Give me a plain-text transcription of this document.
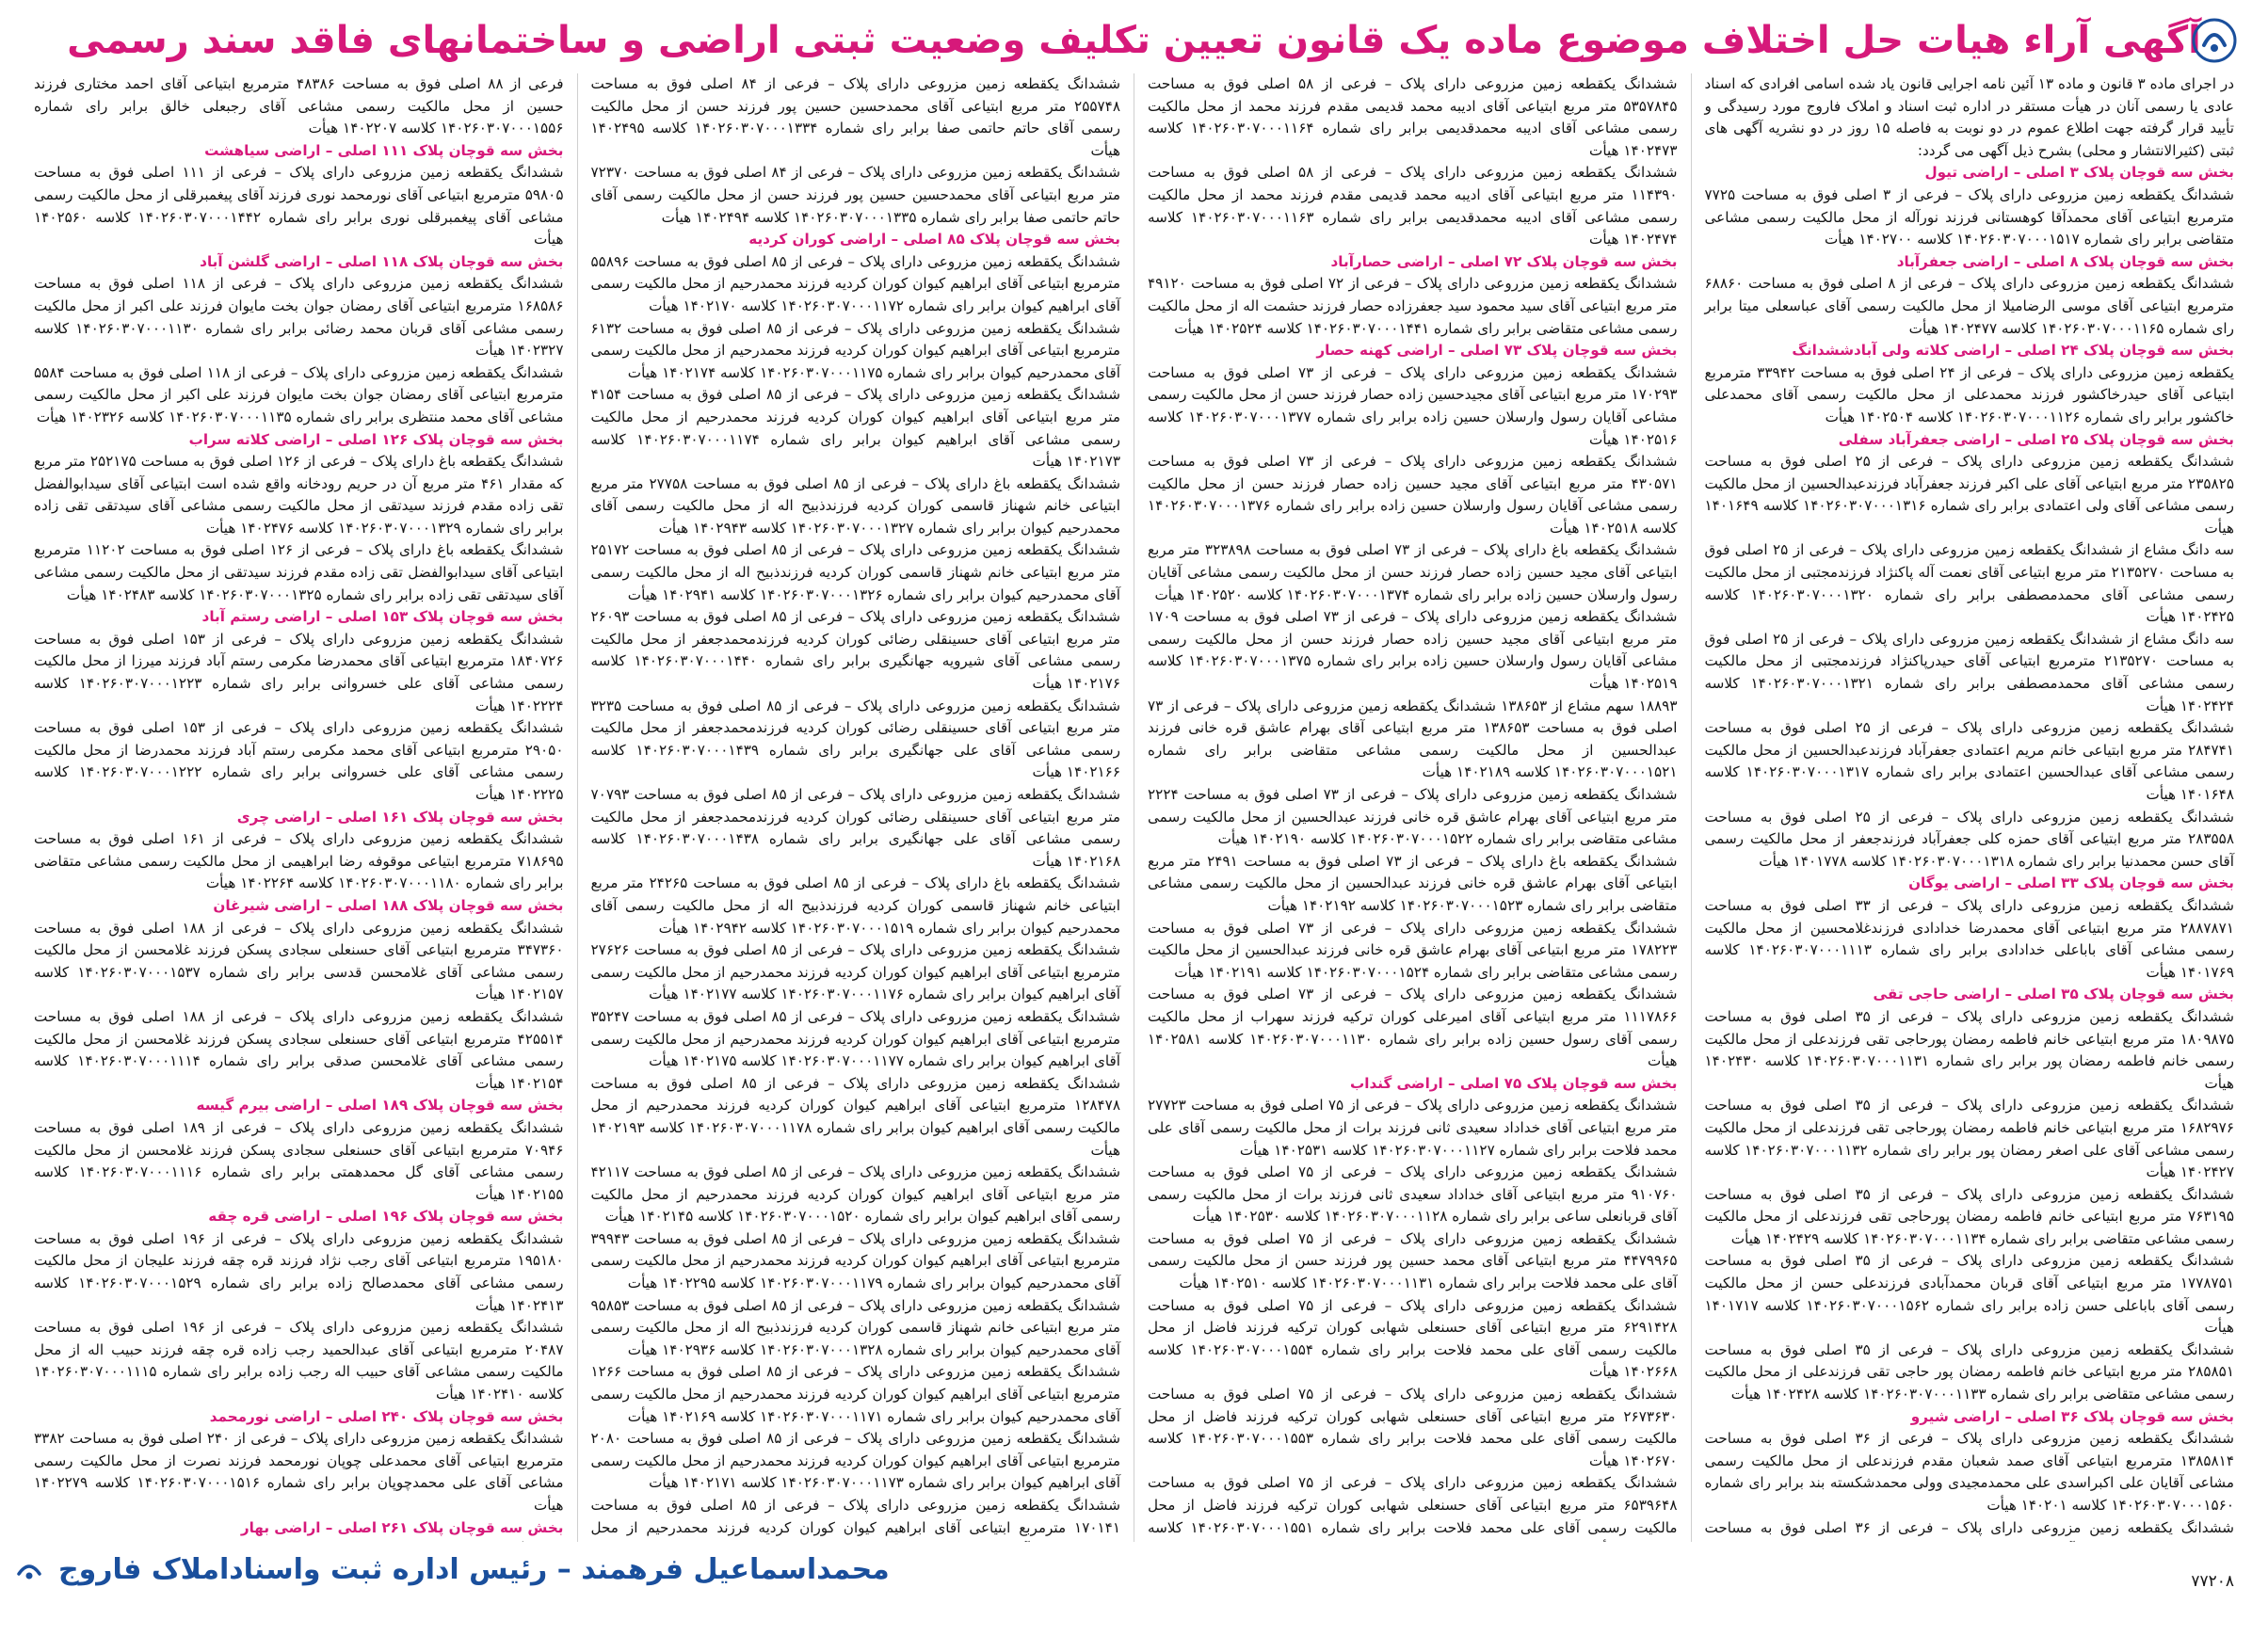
آگهی آراء هیات حل اختلاف موضوع ماده یک قانون تعیین تکلیف وضعیت ثبتی اراضی و ساختمانهای فاقد سند رسمی

در اجرای ماده ۳ قانون و ماده ۱۳ آئین نامه اجرایی قانون یاد شده اسامی افرادی که اسناد عادی یا رسمی آنان در هیأت مستقر در اداره ثبت اسناد و املاک فاروج مورد رسیدگی و تأیید قرار گرفته جهت اطلاع عموم در دو نوبت به فاصله ۱۵ روز در دو نشریه آگهی های ثبتی (کثیرالانتشار و محلی) بشرح ذیل آگهی می گردد:

بخش سه قوچان پلاک ۳ اصلی – اراضی تیول

ششدانگ یکقطعه زمین مزروعی دارای پلاک – فرعی از ۳ اصلی فوق به مساحت ۷۷۲۵ مترمربع ابتیاعی آقای محمدآقا کوهستانی فرزند نورآله از محل مالکیت رسمی مشاعی متقاضی برابر رای شماره ۱۴۰۲۶۰۳۰۷۰۰۰۱۵۱۷ کلاسه ۱۴۰۲۷۰۰ هیأت

بخش سه قوچان پلاک ۸ اصلی – اراضی جعفرآباد

ششدانگ یکقطعه زمین مزروعی دارای پلاک – فرعی از ۸ اصلی فوق به مساحت ۶۸۸۶۰ مترمربع ابتیاعی آقای موسی الرضامیلا از محل مالکیت رسمی آقای عباسعلی میتا برابر رای شماره ۱۴۰۲۶۰۳۰۷۰۰۰۱۱۶۵ کلاسه ۱۴۰۲۴۷۷ هیأت

بخش سه قوچان پلاک ۲۴ اصلی – اراضی کلاته ولی آبادششدانگ

یکقطعه زمین مزروعی دارای پلاک – فرعی از ۲۴ اصلی فوق به مساحت ۳۳۹۴۲ مترمربع ابتیاعی آقای حیدرخاکشور فرزند محمدعلی از محل مالکیت رسمی آقای محمدعلی خاکشور برابر رای شماره ۱۴۰۲۶۰۳۰۷۰۰۰۱۱۲۶ کلاسه ۱۴۰۲۵۰۴ هیأت

بخش سه قوچان پلاک ۲۵ اصلی – اراضی جعفرآباد سفلی

ششدانگ یکقطعه زمین مزروعی دارای پلاک – فرعی از ۲۵ اصلی فوق به مساحت ۲۳۵۸۲۵ متر مربع ابتیاعی آقای علی اکبر فرزند جعفرآباد فرزندعبدالحسین از محل مالکیت رسمی مشاعی آقای ولی اعتمادی برابر رای شماره ۱۴۰۲۶۰۳۰۷۰۰۰۱۳۱۶ کلاسه ۱۴۰۱۶۴۹ هیأت

سه دانگ مشاع از ششدانگ یکقطعه زمین مزروعی دارای پلاک – فرعی از ۲۵ اصلی فوق به مساحت ۲۱۳۵۲۷۰ متر مربع ابتیاعی آقای نعمت آله پاکنژاد فرزندمجتبی از محل مالکیت رسمی مشاعی آقای محمدمصطفی برابر رای شماره ۱۴۰۲۶۰۳۰۷۰۰۰۱۳۲۰ کلاسه ۱۴۰۲۴۲۵ هیأت

سه دانگ مشاع از ششدانگ یکقطعه زمین مزروعی دارای پلاک – فرعی از ۲۵ اصلی فوق به مساحت ۲۱۳۵۲۷۰ مترمربع ابتیاعی آقای حیدرپاکنژاد فرزندمجتبی از محل مالکیت رسمی مشاعی آقای محمدمصطفی برابر رای شماره ۱۴۰۲۶۰۳۰۷۰۰۰۱۳۲۱ کلاسه ۱۴۰۲۴۲۴ هیأت

ششدانگ یکقطعه زمین مزروعی دارای پلاک – فرعی از ۲۵ اصلی فوق به مساحت ۲۸۴۷۴۱ متر مربع ابتیاعی خانم مریم اعتمادی جعفرآباد فرزندعبدالحسین از محل مالکیت رسمی مشاعی آقای عبدالحسین اعتمادی برابر رای شماره ۱۴۰۲۶۰۳۰۷۰۰۰۱۳۱۷ کلاسه ۱۴۰۱۶۴۸ هیأت

ششدانگ یکقطعه زمین مزروعی دارای پلاک – فرعی از ۲۵ اصلی فوق به مساحت ۲۸۳۵۵۸ متر مربع ابتیاعی آقای حمزه کلی جعفرآباد فرزندجعفر از محل مالکیت رسمی آقای حسن محمدنیا برابر رای شماره ۱۴۰۲۶۰۳۰۷۰۰۰۱۳۱۸ کلاسه ۱۴۰۱۷۷۸ هیأت

بخش سه قوچان پلاک ۳۳ اصلی – اراضی یوگان

ششدانگ یکقطعه زمین مزروعی دارای پلاک – فرعی از ۳۳ اصلی فوق به مساحت ۲۸۸۷۸۷۱ متر مربع ابتیاعی آقای محمدرضا خدادادی فرزندغلامحسین از محل مالکیت رسمی مشاعی آقای باباعلی خدادادی برابر رای شماره ۱۴۰۲۶۰۳۰۷۰۰۰۱۱۱۳ کلاسه ۱۴۰۱۷۶۹ هیأت

بخش سه قوچان پلاک ۳۵ اصلی – اراضی حاجی تقی

ششدانگ یکقطعه زمین مزروعی دارای پلاک – فرعی از ۳۵ اصلی فوق به مساحت ۱۸۰۹۸۷۵ متر مربع ابتیاعی خانم فاطمه رمضان پورحاجی تقی فرزندعلی از محل مالکیت رسمی خانم فاطمه رمضان پور برابر رای شماره ۱۴۰۲۶۰۳۰۷۰۰۰۱۱۳۱ کلاسه ۱۴۰۲۴۳۰ هیأت

ششدانگ یکقطعه زمین مزروعی دارای پلاک – فرعی از ۳۵ اصلی فوق به مساحت ۱۶۸۲۹۷۶ متر مربع ابتیاعی خانم فاطمه رمضان پورحاجی تقی فرزندعلی از محل مالکیت رسمی مشاعی آقای علی اصغر رمضان پور برابر رای شماره ۱۴۰۲۶۰۳۰۷۰۰۰۱۱۳۲ کلاسه ۱۴۰۲۴۲۷ هیأت

ششدانگ یکقطعه زمین مزروعی دارای پلاک – فرعی از ۳۵ اصلی فوق به مساحت ۷۶۳۱۹۵ متر مربع ابتیاعی خانم فاطمه رمضان پورحاجی تقی فرزندعلی از محل مالکیت رسمی مشاعی متقاضی برابر رای شماره ۱۴۰۲۶۰۳۰۷۰۰۰۱۱۳۴ کلاسه ۱۴۰۲۴۲۹ هیأت

ششدانگ یکقطعه زمین مزروعی دارای پلاک – فرعی از ۳۵ اصلی فوق به مساحت ۱۷۷۸۷۵۱ متر مربع ابتیاعی آقای قربان محمدآبادی فرزندعلی حسن از محل مالکیت رسمی آقای باباعلی حسن زاده برابر رای شماره ۱۴۰۲۶۰۳۰۷۰۰۰۱۵۶۲ کلاسه ۱۴۰۱۷۱۷ هیأت

ششدانگ یکقطعه زمین مزروعی دارای پلاک – فرعی از ۳۵ اصلی فوق به مساحت ۲۸۵۸۵۱ متر مربع ابتیاعی خانم فاطمه رمضان پور حاجی تقی فرزندعلی از محل مالکیت رسمی مشاعی متقاضی برابر رای شماره ۱۴۰۲۶۰۳۰۷۰۰۰۱۱۳۳ کلاسه ۱۴۰۲۴۲۸ هیأت

بخش سه قوچان پلاک ۳۶ اصلی – اراضی شیرو

ششدانگ یکقطعه زمین مزروعی دارای پلاک – فرعی از ۳۶ اصلی فوق به مساحت ۱۳۸۵۸۱۴ مترمربع ابتیاعی آقای صمد شعبان مقدم فرزندعلی از محل مالکیت رسمی مشاعی آقایان علی اکبراسدی علی محمدمجیدی وولی محمدشکسته بند برابر رای شماره ۱۴۰۲۶۰۳۰۷۰۰۰۱۵۶۰ کلاسه ۱۴۰۲۰۱ هیأت

ششدانگ یکقطعه زمین مزروعی دارای پلاک – فرعی از ۳۶ اصلی فوق به مساحت

ششدانگ یکقطعه زمین مزروعی دارای پلاک – فرعی از ۵۸ اصلی فوق به مساحت ۵۳۵۷۸۴۵ متر مربع ابتیاعی آقای ادیبه محمد قدیمی مقدم فرزند محمد از محل مالکیت رسمی مشاعی آقای ادیبه محمدقدیمی برابر رای شماره ۱۴۰۲۶۰۳۰۷۰۰۰۱۱۶۴ کلاسه ۱۴۰۲۴۷۳ هیأت

ششدانگ یکقطعه زمین مزروعی دارای پلاک – فرعی از ۵۸ اصلی فوق به مساحت ۱۱۴۳۹۰ متر مربع ابتیاعی آقای ادیبه محمد قدیمی مقدم فرزند محمد از محل مالکیت رسمی مشاعی آقای ادیبه محمدقدیمی برابر رای شماره ۱۴۰۲۶۰۳۰۷۰۰۰۱۱۶۳ کلاسه ۱۴۰۲۴۷۴ هیأت

بخش سه قوچان پلاک ۷۲ اصلی – اراضی حصارآباد

ششدانگ یکقطعه زمین مزروعی دارای پلاک – فرعی از ۷۲ اصلی فوق به مساحت ۴۹۱۲۰ متر مربع ابتیاعی آقای سید محمود سید جعفرزاده حصار فرزند حشمت اله از محل مالکیت رسمی مشاعی متقاضی برابر رای شماره ۱۴۰۲۶۰۳۰۷۰۰۰۱۴۴۱ کلاسه ۱۴۰۲۵۲۴ هیأت

بخش سه قوچان پلاک ۷۳ اصلی – اراضی کهنه حصار

ششدانگ یکقطعه زمین مزروعی دارای پلاک – فرعی از ۷۳ اصلی فوق به مساحت ۱۷۰۲۹۳ متر مربع ابتیاعی آقای مجیدحسین زاده حصار فرزند حسن از محل مالکیت رسمی مشاعی آقایان رسول وارسلان حسین زاده برابر رای شماره ۱۴۰۲۶۰۳۰۷۰۰۰۱۳۷۷ کلاسه ۱۴۰۲۵۱۶ هیأت

ششدانگ یکقطعه زمین مزروعی دارای پلاک – فرعی از ۷۳ اصلی فوق به مساحت ۴۳۰۵۷۱ متر مربع ابتیاعی آقای مجید حسین زاده حصار فرزند حسن از محل مالکیت رسمی مشاعی آقایان رسول وارسلان حسین زاده برابر رای شماره ۱۴۰۲۶۰۳۰۷۰۰۰۱۳۷۶ کلاسه ۱۴۰۲۵۱۸ هیأت

ششدانگ یکقطعه باغ دارای پلاک – فرعی از ۷۳ اصلی فوق به مساحت ۳۲۳۸۹۸ متر مربع ابتیاعی آقای مجید حسین زاده حصار فرزند حسن از محل مالکیت رسمی مشاعی آقایان رسول وارسلان حسین زاده برابر رای شماره ۱۴۰۲۶۰۳۰۷۰۰۰۱۳۷۴ کلاسه ۱۴۰۲۵۲۰ هیأت

ششدانگ یکقطعه زمین مزروعی دارای پلاک – فرعی از ۷۳ اصلی فوق به مساحت ۱۷۰۹ متر مربع ابتیاعی آقای مجید حسین زاده حصار فرزند حسن از محل مالکیت رسمی مشاعی آقایان رسول وارسلان حسین زاده برابر رای شماره ۱۴۰۲۶۰۳۰۷۰۰۰۱۳۷۵ کلاسه ۱۴۰۲۵۱۹ هیأت

۱۸۸۹۳ سهم مشاع از ۱۳۸۶۵۳ ششدانگ یکقطعه زمین مزروعی دارای پلاک – فرعی از ۷۳ اصلی فوق به مساحت ۱۳۸۶۵۳ متر مربع ابتیاعی آقای بهرام عاشق قره خانی فرزند عبدالحسین از محل مالکیت رسمی مشاعی متقاضی برابر رای شماره ۱۴۰۲۶۰۳۰۷۰۰۰۱۵۲۱ کلاسه ۱۴۰۲۱۸۹ هیأت

ششدانگ یکقطعه زمین مزروعی دارای پلاک – فرعی از ۷۳ اصلی فوق به مساحت ۲۲۲۴ متر مربع ابتیاعی آقای بهرام عاشق قره خانی فرزند عبدالحسین از محل مالکیت رسمی مشاعی متقاضی برابر رای شماره ۱۴۰۲۶۰۳۰۷۰۰۰۱۵۲۲ کلاسه ۱۴۰۲۱۹۰ هیأت

ششدانگ یکقطعه باغ دارای پلاک – فرعی از ۷۳ اصلی فوق به مساحت ۲۴۹۱ متر مربع ابتیاعی آقای بهرام عاشق قره خانی فرزند عبدالحسین از محل مالکیت رسمی مشاعی متقاضی برابر رای شماره ۱۴۰۲۶۰۳۰۷۰۰۰۱۵۲۳ کلاسه ۱۴۰۲۱۹۲ هیأت

ششدانگ یکقطعه زمین مزروعی دارای پلاک – فرعی از ۷۳ اصلی فوق به مساحت ۱۷۸۲۲۳ متر مربع ابتیاعی آقای بهرام عاشق قره خانی فرزند عبدالحسین از محل مالکیت رسمی مشاعی متقاضی برابر رای شماره ۱۴۰۲۶۰۳۰۷۰۰۰۱۵۲۴ کلاسه ۱۴۰۲۱۹۱ هیأت

ششدانگ یکقطعه زمین مزروعی دارای پلاک – فرعی از ۷۳ اصلی فوق به مساحت ۱۱۱۷۸۶۶ متر مربع ابتیاعی آقای امیرعلی کوران ترکیه فرزند سهراب از محل مالکیت رسمی آقای رسول حسین زاده برابر رای شماره ۱۴۰۲۶۰۳۰۷۰۰۰۱۱۳۰ کلاسه ۱۴۰۲۵۸۱ هیأت

بخش سه قوچان پلاک ۷۵ اصلی – اراضی گنداب

ششدانگ یکقطعه زمین مزروعی دارای پلاک – فرعی از ۷۵ اصلی فوق به مساحت ۲۷۷۲۳ متر مربع ابتیاعی آقای خداداد سعیدی ثانی فرزند برات از محل مالکیت رسمی آقای علی محمد فلاحت برابر رای شماره ۱۴۰۲۶۰۳۰۷۰۰۰۱۱۲۷ کلاسه ۱۴۰۲۵۳۱ هیأت

ششدانگ یکقطعه زمین مزروعی دارای پلاک – فرعی از ۷۵ اصلی فوق به مساحت ۹۱۰۷۶۰ متر مربع ابتیاعی آقای خداداد سعیدی ثانی فرزند برات از محل مالکیت رسمی آقای قربانعلی ساعی برابر رای شماره ۱۴۰۲۶۰۳۰۷۰۰۰۱۱۲۸ کلاسه ۱۴۰۲۵۳۰ هیأت

ششدانگ یکقطعه زمین مزروعی دارای پلاک – فرعی از ۷۵ اصلی فوق به مساحت ۴۴۷۹۹۶۵ متر مربع ابتیاعی آقای محمد حسین پور فرزند حسن از محل مالکیت رسمی آقای علی محمد فلاحت برابر رای شماره ۱۴۰۲۶۰۳۰۷۰۰۰۱۱۳۱ کلاسه ۱۴۰۲۵۱۰ هیأت

ششدانگ یکقطعه زمین مزروعی دارای پلاک – فرعی از ۷۵ اصلی فوق به مساحت ۶۲۹۱۴۲۸ متر مربع ابتیاعی آقای حسنعلی شهابی کوران ترکیه فرزند فاضل از محل مالکیت رسمی آقای علی محمد فلاحت برابر رای شماره ۱۴۰۲۶۰۳۰۷۰۰۰۱۵۵۴ کلاسه ۱۴۰۲۶۶۸ هیأت

ششدانگ یکقطعه زمین مزروعی دارای پلاک – فرعی از ۷۵ اصلی فوق به مساحت ۲۶۷۳۶۳۰ متر مربع ابتیاعی آقای حسنعلی شهابی کوران ترکیه فرزند فاضل از محل مالکیت رسمی آقای علی محمد فلاحت برابر رای شماره ۱۴۰۲۶۰۳۰۷۰۰۰۱۵۵۳ کلاسه ۱۴۰۲۶۷۰ هیأت

ششدانگ یکقطعه زمین مزروعی دارای پلاک – فرعی از ۷۵ اصلی فوق به مساحت ۶۵۳۹۶۴۸ متر مربع ابتیاعی آقای حسنعلی شهابی کوران ترکیه فرزند فاضل از محل مالکیت رسمی آقای علی محمد فلاحت برابر رای شماره ۱۴۰۲۶۰۳۰۷۰۰۰۱۵۵۱ کلاسه

ششدانگ یکقطعه زمین مزروعی دارای پلاک – فرعی از ۸۴ اصلی فوق به مساحت ۲۵۵۷۴۸ متر مربع ابتیاعی آقای محمدحسین حسین پور فرزند حسن از محل مالکیت رسمی آقای حاتم حاتمی صفا برابر رای شماره ۱۴۰۲۶۰۳۰۷۰۰۰۱۳۳۴ کلاسه ۱۴۰۲۴۹۵ هیأت

ششدانگ یکقطعه زمین مزروعی دارای پلاک – فرعی از ۸۴ اصلی فوق به مساحت ۷۲۳۷۰ متر مربع ابتیاعی آقای محمدحسین حسین پور فرزند حسن از محل مالکیت رسمی آقای حاتم حاتمی صفا برابر رای شماره ۱۴۰۲۶۰۳۰۷۰۰۰۱۳۳۵ کلاسه ۱۴۰۲۴۹۴ هیأت

بخش سه قوچان پلاک ۸۵ اصلی – اراضی کوران کردیه

ششدانگ یکقطعه زمین مزروعی دارای پلاک – فرعی از ۸۵ اصلی فوق به مساحت ۵۵۸۹۶ مترمربع ابتیاعی آقای ابراهیم کیوان کوران کردیه فرزند محمدرحیم از محل مالکیت رسمی آقای ابراهیم کیوان برابر رای شماره ۱۴۰۲۶۰۳۰۷۰۰۰۱۱۷۲ کلاسه ۱۴۰۲۱۷۰ هیأت

ششدانگ یکقطعه زمین مزروعی دارای پلاک – فرعی از ۸۵ اصلی فوق به مساحت ۶۱۳۲ مترمربع ابتیاعی آقای ابراهیم کیوان کوران کردیه فرزند محمدرحیم از محل مالکیت رسمی آقای محمدرحیم کیوان برابر رای شماره ۱۴۰۲۶۰۳۰۷۰۰۰۱۱۷۵ کلاسه ۱۴۰۲۱۷۴ هیأت

ششدانگ یکقطعه زمین مزروعی دارای پلاک – فرعی از ۸۵ اصلی فوق به مساحت ۴۱۵۴ متر مربع ابتیاعی آقای ابراهیم کیوان کوران کردیه فرزند محمدرحیم از محل مالکیت رسمی مشاعی آقای ابراهیم کیوان برابر رای شماره ۱۴۰۲۶۰۳۰۷۰۰۰۱۱۷۴ کلاسه ۱۴۰۲۱۷۳ هیأت

ششدانگ یکقطعه باغ دارای پلاک – فرعی از ۸۵ اصلی فوق به مساحت ۲۷۷۵۸ متر مربع ابتیاعی خانم شهناز قاسمی کوران کردیه فرزندذبیح اله از محل مالکیت رسمی آقای محمدرحیم کیوان برابر رای شماره ۱۴۰۲۶۰۳۰۷۰۰۰۱۳۲۷ کلاسه ۱۴۰۲۹۴۳ هیأت

ششدانگ یکقطعه زمین مزروعی دارای پلاک – فرعی از ۸۵ اصلی فوق به مساحت ۲۵۱۷۲ متر مربع ابتیاعی خانم شهناز قاسمی کوران کردیه فرزندذبیح اله از محل مالکیت رسمی آقای محمدرحیم کیوان برابر رای شماره ۱۴۰۲۶۰۳۰۷۰۰۰۱۳۲۶ کلاسه ۱۴۰۲۹۴۱ هیأت

ششدانگ یکقطعه زمین مزروعی دارای پلاک – فرعی از ۸۵ اصلی فوق به مساحت ۲۶۰۹۳ متر مربع ابتیاعی آقای حسینقلی رضائی کوران کردیه فرزندمحمدجعفر از محل مالکیت رسمی مشاعی آقای شیرویه جهانگیری برابر رای شماره ۱۴۰۲۶۰۳۰۷۰۰۰۱۴۴۰ کلاسه ۱۴۰۲۱۷۶ هیأت

ششدانگ یکقطعه زمین مزروعی دارای پلاک – فرعی از ۸۵ اصلی فوق به مساحت ۳۲۳۵ متر مربع ابتیاعی آقای حسینقلی رضائی کوران کردیه فرزندمحمدجعفر از محل مالکیت رسمی مشاعی آقای علی جهانگیری برابر رای شماره ۱۴۰۲۶۰۳۰۷۰۰۰۱۴۳۹ کلاسه ۱۴۰۲۱۶۶ هیأت

ششدانگ یکقطعه زمین مزروعی دارای پلاک – فرعی از ۸۵ اصلی فوق به مساحت ۷۰۷۹۳ متر مربع ابتیاعی آقای حسینقلی رضائی کوران کردیه فرزندمحمدجعفر از محل مالکیت رسمی مشاعی آقای علی جهانگیری برابر رای شماره ۱۴۰۲۶۰۳۰۷۰۰۰۱۴۳۸ کلاسه ۱۴۰۲۱۶۸ هیأت

ششدانگ یکقطعه باغ دارای پلاک – فرعی از ۸۵ اصلی فوق به مساحت ۲۴۲۶۵ متر مربع ابتیاعی خانم شهناز قاسمی کوران کردیه فرزندذبیح اله از محل مالکیت رسمی آقای محمدرحیم کیوان برابر رای شماره ۱۴۰۲۶۰۳۰۷۰۰۰۱۵۱۹ کلاسه ۱۴۰۲۹۴۲ هیأت

ششدانگ یکقطعه زمین مزروعی دارای پلاک – فرعی از ۸۵ اصلی فوق به مساحت ۲۷۶۲۶ مترمربع ابتیاعی آقای ابراهیم کیوان کوران کردیه فرزند محمدرحیم از محل مالکیت رسمی آقای ابراهیم کیوان برابر رای شماره ۱۴۰۲۶۰۳۰۷۰۰۰۱۱۷۶ کلاسه ۱۴۰۲۱۷۷ هیأت

ششدانگ یکقطعه زمین مزروعی دارای پلاک – فرعی از ۸۵ اصلی فوق به مساحت ۳۵۲۴۷ مترمربع ابتیاعی آقای ابراهیم کیوان کوران کردیه فرزند محمدرحیم از محل مالکیت رسمی آقای ابراهیم کیوان برابر رای شماره ۱۴۰۲۶۰۳۰۷۰۰۰۱۱۷۷ کلاسه ۱۴۰۲۱۷۵ هیأت

ششدانگ یکقطعه زمین مزروعی دارای پلاک – فرعی از ۸۵ اصلی فوق به مساحت ۱۲۸۴۷۸ مترمربع ابتیاعی آقای ابراهیم کیوان کوران کردیه فرزند محمدرحیم از محل مالکیت رسمی آقای ابراهیم کیوان برابر رای شماره ۱۴۰۲۶۰۳۰۷۰۰۰۱۱۷۸ کلاسه ۱۴۰۲۱۹۳ هیأت

ششدانگ یکقطعه زمین مزروعی دارای پلاک – فرعی از ۸۵ اصلی فوق به مساحت ۴۲۱۱۷ متر مربع ابتیاعی آقای ابراهیم کیوان کوران کردیه فرزند محمدرحیم از محل مالکیت رسمی آقای ابراهیم کیوان برابر رای شماره ۱۴۰۲۶۰۳۰۷۰۰۰۱۵۲۰ کلاسه ۱۴۰۲۱۴۵ هیأت

ششدانگ یکقطعه زمین مزروعی دارای پلاک – فرعی از ۸۵ اصلی فوق به مساحت ۳۹۹۴۳ مترمربع ابتیاعی آقای ابراهیم کیوان کوران کردیه فرزند محمدرحیم از محل مالکیت رسمی آقای محمدرحیم کیوان برابر رای شماره ۱۴۰۲۶۰۳۰۷۰۰۰۱۱۷۹ کلاسه ۱۴۰۲۲۹۵ هیأت

ششدانگ یکقطعه زمین مزروعی دارای پلاک – فرعی از ۸۵ اصلی فوق به مساحت ۹۵۸۵۳ متر مربع ابتیاعی خانم شهناز قاسمی کوران کردیه فرزندذبیح اله از محل مالکیت رسمی آقای محمدرحیم کیوان برابر رای شماره ۱۴۰۲۶۰۳۰۷۰۰۰۱۳۲۸ کلاسه ۱۴۰۲۹۳۶ هیأت

ششدانگ یکقطعه زمین مزروعی دارای پلاک – فرعی از ۸۵ اصلی فوق به مساحت ۱۲۶۶ مترمربع ابتیاعی آقای ابراهیم کیوان کوران کردیه فرزند محمدرحیم از محل مالکیت رسمی آقای محمدرحیم کیوان برابر رای شماره ۱۴۰۲۶۰۳۰۷۰۰۰۱۱۷۱ کلاسه ۱۴۰۲۱۶۹ هیأت

ششدانگ یکقطعه زمین مزروعی دارای پلاک – فرعی از ۸۵ اصلی فوق به مساحت ۲۰۸۰ مترمربع ابتیاعی آقای ابراهیم کیوان کوران کردیه فرزند محمدرحیم از محل مالکیت رسمی آقای ابراهیم کیوان برابر رای شماره ۱۴۰۲۶۰۳۰۷۰۰۰۱۱۷۳ کلاسه ۱۴۰۲۱۷۱ هیأت

ششدانگ یکقطعه زمین مزروعی دارای پلاک – فرعی از ۸۵ اصلی فوق به مساحت ۱۷۰۱۴۱ مترمربع ابتیاعی آقای ابراهیم کیوان کوران کردیه فرزند محمدرحیم از محل

فرعی از ۸۸ اصلی فوق به مساحت ۴۸۳۸۶ مترمربع ابتیاعی آقای احمد مختاری فرزند حسین از محل مالکیت رسمی مشاعی آقای رجبعلی خالق برابر رای شماره ۱۴۰۲۶۰۳۰۷۰۰۰۱۵۵۶ کلاسه ۱۴۰۲۲۰۷ هیأت

بخش سه قوچان پلاک ۱۱۱ اصلی – اراضی سیاهشت

ششدانگ یکقطعه زمین مزروعی دارای پلاک – فرعی از ۱۱۱ اصلی فوق به مساحت ۵۹۸۰۵ مترمربع ابتیاعی آقای نورمحمد نوری فرزند آقای پیغمبرقلی از محل مالکیت رسمی مشاعی آقای پیغمبرقلی نوری برابر رای شماره ۱۴۰۲۶۰۳۰۷۰۰۰۱۴۴۲ کلاسه ۱۴۰۲۵۶۰ هیأت

بخش سه قوچان پلاک ۱۱۸ اصلی – اراضی گلشن آباد

ششدانگ یکقطعه زمین مزروعی دارای پلاک – فرعی از ۱۱۸ اصلی فوق به مساحت ۱۶۸۵۸۶ مترمربع ابتیاعی آقای رمضان جوان بخت مایوان فرزند علی اکبر از محل مالکیت رسمی مشاعی آقای قربان محمد رضائی برابر رای شماره ۱۴۰۲۶۰۳۰۷۰۰۰۱۱۳۰ کلاسه ۱۴۰۲۳۲۷ هیأت

ششدانگ یکقطعه زمین مزروعی دارای پلاک – فرعی از ۱۱۸ اصلی فوق به مساحت ۵۵۸۴ مترمربع ابتیاعی آقای رمضان جوان بخت مایوان فرزند علی اکبر از محل مالکیت رسمی مشاعی آقای محمد منتظری برابر رای شماره ۱۴۰۲۶۰۳۰۷۰۰۰۱۱۳۵ کلاسه ۱۴۰۲۳۲۶ هیأت

بخش سه قوچان پلاک ۱۲۶ اصلی – اراضی کلاته سراب

ششدانگ یکقطعه باغ دارای پلاک – فرعی از ۱۲۶ اصلی فوق به مساحت ۲۵۲۱۷۵ متر مربع که مقدار ۴۶۱ متر مربع آن در حریم رودخانه واقع شده است ابتیاعی آقای سیدابوالفضل تقی زاده مقدم فرزند سیدتقی از محل مالکیت رسمی مشاعی آقای سیدتقی تقی زاده برابر رای شماره ۱۴۰۲۶۰۳۰۷۰۰۰۱۳۲۹ کلاسه ۱۴۰۲۴۷۶ هیأت

ششدانگ یکقطعه باغ دارای پلاک – فرعی از ۱۲۶ اصلی فوق به مساحت ۱۱۲۰۲ مترمربع ابتیاعی آقای سیدابوالفضل تقی زاده مقدم فرزند سیدتقی از محل مالکیت رسمی مشاعی آقای سیدتقی تقی زاده برابر رای شماره ۱۴۰۲۶۰۳۰۷۰۰۰۱۳۲۵ کلاسه ۱۴۰۲۴۸۳ هیأت

بخش سه قوچان پلاک ۱۵۳ اصلی – اراضی رستم آباد

ششدانگ یکقطعه زمین مزروعی دارای پلاک – فرعی از ۱۵۳ اصلی فوق به مساحت ۱۸۴۰۷۲۶ مترمربع ابتیاعی آقای محمدرضا مکرمی رستم آباد فرزند میرزا از محل مالکیت رسمی مشاعی آقای علی خسروانی برابر رای شماره ۱۴۰۲۶۰۳۰۷۰۰۰۱۲۲۳ کلاسه ۱۴۰۲۲۲۴ هیأت

ششدانگ یکقطعه زمین مزروعی دارای پلاک – فرعی از ۱۵۳ اصلی فوق به مساحت ۲۹۰۵۰ مترمربع ابتیاعی آقای محمد مکرمی رستم آباد فرزند محمدرضا از محل مالکیت رسمی مشاعی آقای علی خسروانی برابر رای شماره ۱۴۰۲۶۰۳۰۷۰۰۰۱۲۲۲ کلاسه ۱۴۰۲۲۲۵ هیأت

بخش سه قوچان پلاک ۱۶۱ اصلی – اراضی چری

ششدانگ یکقطعه زمین مزروعی دارای پلاک – فرعی از ۱۶۱ اصلی فوق به مساحت ۷۱۸۶۹۵ مترمربع ابتیاعی موقوفه رضا ابراهیمی از محل مالکیت رسمی مشاعی متقاضی برابر رای شماره ۱۴۰۲۶۰۳۰۷۰۰۰۱۱۸۰ کلاسه ۱۴۰۲۲۶۴ هیأت

بخش سه قوچان پلاک ۱۸۸ اصلی – اراضی شیرغان

ششدانگ یکقطعه زمین مزروعی دارای پلاک – فرعی از ۱۸۸ اصلی فوق به مساحت ۳۴۷۳۶۰ مترمربع ابتیاعی آقای حسنعلی سجادی پسکن فرزند غلامحسن از محل مالکیت رسمی مشاعی آقای غلامحسن قدسی برابر رای شماره ۱۴۰۲۶۰۳۰۷۰۰۰۱۵۳۷ کلاسه ۱۴۰۲۱۵۷ هیأت

ششدانگ یکقطعه زمین مزروعی دارای پلاک – فرعی از ۱۸۸ اصلی فوق به مساحت ۴۲۵۵۱۴ مترمربع ابتیاعی آقای حسنعلی سجادی پسکن فرزند غلامحسن از محل مالکیت رسمی مشاعی آقای غلامحسن صدقی برابر رای شماره ۱۴۰۲۶۰۳۰۷۰۰۰۱۱۱۴ کلاسه ۱۴۰۲۱۵۴ هیأت

بخش سه قوچان پلاک ۱۸۹ اصلی – اراضی بیرم گیسه

ششدانگ یکقطعه زمین مزروعی دارای پلاک – فرعی از ۱۸۹ اصلی فوق به مساحت ۷۰۹۴۶ مترمربع ابتیاعی آقای حسنعلی سجادی پسکن فرزند غلامحسن از محل مالکیت رسمی مشاعی آقای گل محمدهمتی برابر رای شماره ۱۴۰۲۶۰۳۰۷۰۰۰۱۱۱۶ کلاسه ۱۴۰۲۱۵۵ هیأت

بخش سه قوچان پلاک ۱۹۶ اصلی – اراضی قره چقه

ششدانگ یکقطعه زمین مزروعی دارای پلاک – فرعی از ۱۹۶ اصلی فوق به مساحت ۱۹۵۱۸۰ مترمربع ابتیاعی آقای رجب نژاد فرزند قره چقه فرزند علیجان از محل مالکیت رسمی مشاعی آقای محمدصالح زاده برابر رای شماره ۱۴۰۲۶۰۳۰۷۰۰۰۱۵۲۹ کلاسه ۱۴۰۲۴۱۳ هیأت

ششدانگ یکقطعه زمین مزروعی دارای پلاک – فرعی از ۱۹۶ اصلی فوق به مساحت ۲۰۴۸۷ مترمربع ابتیاعی آقای عبدالحمید رجب زاده قره چقه فرزند حبیب اله از محل مالکیت رسمی مشاعی آقای حبیب اله رجب زاده برابر رای شماره ۱۴۰۲۶۰۳۰۷۰۰۰۱۱۱۵ کلاسه ۱۴۰۲۴۱۰ هیأت

بخش سه قوچان پلاک ۲۴۰ اصلی – اراضی نورمحمد

ششدانگ یکقطعه زمین مزروعی دارای پلاک – فرعی از ۲۴۰ اصلی فوق به مساحت ۳۳۸۲ مترمربع ابتیاعی آقای محمدعلی چوپان نورمحمد فرزند نصرت از محل مالکیت رسمی مشاعی آقای علی محمدچوپان برابر رای شماره ۱۴۰۲۶۰۳۰۷۰۰۰۱۵۱۶ کلاسه ۱۴۰۲۲۷۹ هیأت

بخش سه قوچان پلاک ۲۶۱ اصلی – اراضی بهار

محمداسماعیل فرهمند – رئیس اداره ثبت واسناداملاک فاروج	۷۷۲۰۸
